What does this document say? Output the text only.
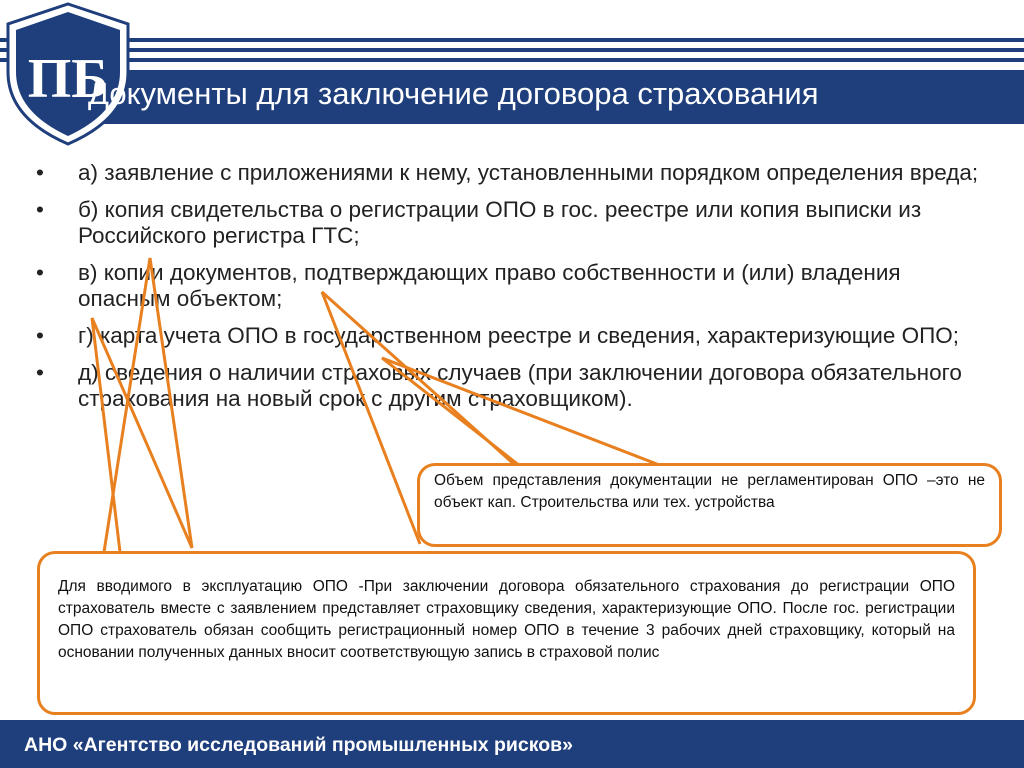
ПБ
Документы для заключение договора страхования
• а) заявление с приложениями к нему, установленными порядком определения вреда;
• б) копия свидетельства о регистрации ОПО в гос. реестре или копия выписки из Российского регистра ГТС;
• в) копии документов, подтверждающих право собственности и (или) владения опасным объектом;
• г) карта учета ОПО в государственном реестре и сведения, характеризующие ОПО;
• д) сведения о наличии страховых случаев (при заключении договора обязательного страхования на новый срок с другим страховщиком).
Объем представления документации не регламентирован ОПО –это не объект кап. Строительства или тех. устройства
Для вводимого в эксплуатацию ОПО -При заключении договора обязательного страхования до регистрации ОПО страхователь вместе с заявлением представляет страховщику сведения, характеризующие ОПО. После гос. регистрации ОПО страхователь обязан сообщить регистрационный номер ОПО в течение 3 рабочих дней страховщику, который на основании полученных данных вносит соответствующую запись в страховой полис
АНО «Агентство исследований промышленных рисков»
